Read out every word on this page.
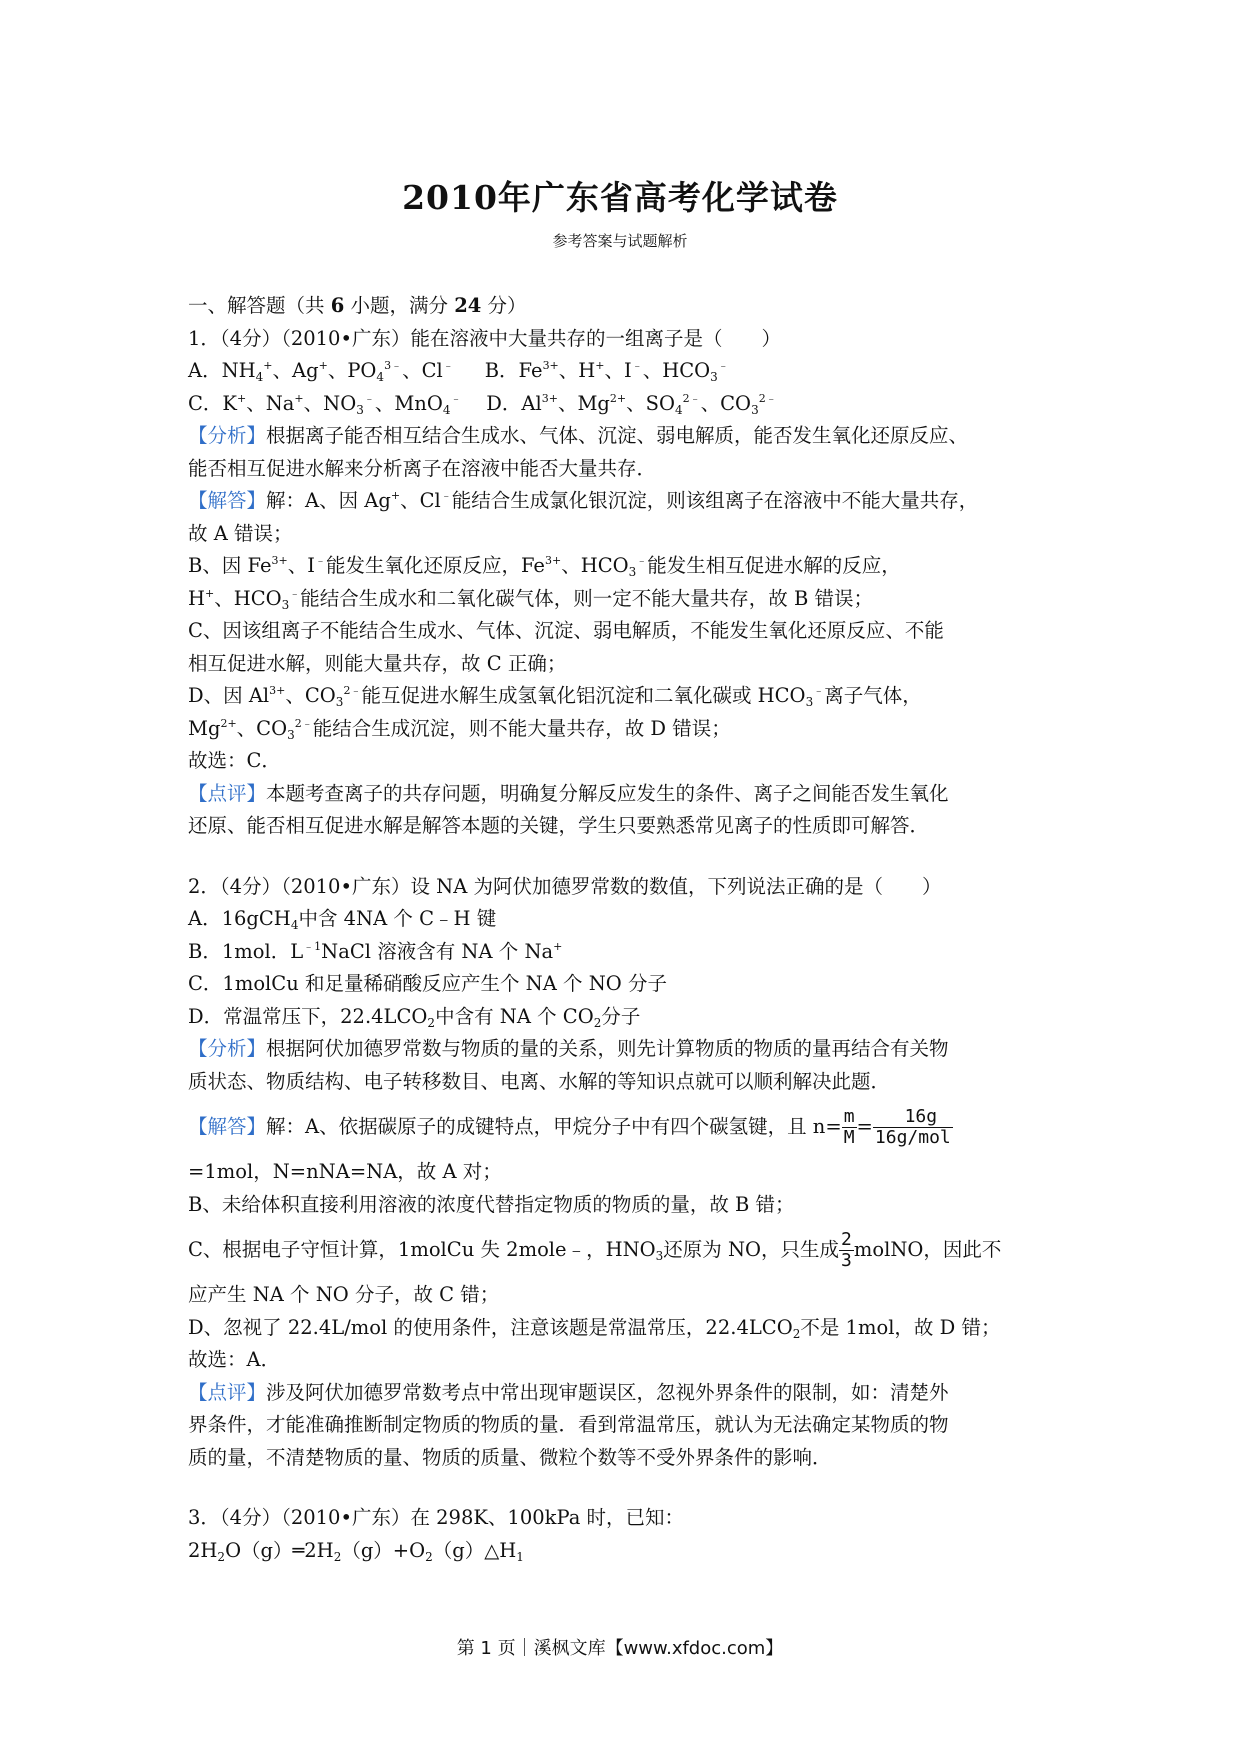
2010年广东省高考化学试卷
参考答案与试题解析
一、解答题（共 6 小题，满分 24 分）
1．（4分）（2010•广东）能在溶液中大量共存的一组离子是（　　）
A．$NH_4^+$、Ag+、$PO_4^{3﹣}$、Cl﹣     B．$Fe^{3+}$、H+、I﹣、$HCO_3^﹣$
C．K+、Na+、$NO_3^﹣$、MnO$_4$﹣    D．$Al^{3+}$、$Mg^{2+}$、$SO_4^{2﹣}$、$CO_3^{2﹣}$
【分析】根据离子能否相互结合生成水、气体、沉淀、弱电解质，能否发生氧化还原反应、
能否相互促进水解来分析离子在溶液中能否大量共存．
【解答】解：A、因 Ag+、Cl﹣能结合生成氯化银沉淀，则该组离子在溶液中不能大量共存，
故 A 错误；
B、因 $Fe^{3+}$、I﹣能发生氧化还原反应，$Fe^{3+}$、$HCO_3^﹣$能发生相互促进水解的反应，
H+、$HCO_3^﹣$能结合生成水和二氧化碳气体，则一定不能大量共存，故 B 错误；
C、因该组离子不能结合生成水、气体、沉淀、弱电解质，不能发生氧化还原反应、不能
相互促进水解，则能大量共存，故 C 正确；
D、因 $Al^{3+}$、$CO_3^{2﹣}$能互促进水解生成氢氧化铝沉淀和二氧化碳或 $HCO_3^﹣$离子气体，
$Mg^{2+}$、$CO_3^{2﹣}$能结合生成沉淀，则不能大量共存，故 D 错误；
故选：C．
【点评】本题考查离子的共存问题，明确复分解反应发生的条件、离子之间能否发生氧化
还原、能否相互促进水解是解答本题的关键，学生只要熟悉常见离子的性质即可解答．
2．（4分）（2010•广东）设 NA 为阿伏加德罗常数的数值，下列说法正确的是（　　）
A．16gCH$_4$中含 4NA 个 C﹣H 键
B．1mol．$L^{﹣1}NaCl$ 溶液含有 NA 个 Na+
C．1molCu 和足量稀硝酸反应产生个 NA 个 NO 分子
D．常温常压下，$22.4LCO_2$中含有 NA 个 $CO_2$分子
【分析】根据阿伏加德罗常数与物质的量的关系，则先计算物质的物质的量再结合有关物
质状态、物质结构、电子转移数目、电离、水解的等知识点就可以顺利解决此题．
【解答】解：A、依据碳原子的成键特点，甲烷分子中有四个碳氢键，且 $n= \frac{m}{M} = \frac{16g}{\text{16g/mol}}$
=1mol，N=nNA=NA，故 A 对；
B、未给体积直接利用溶液的浓度代替指定物质的物质的量，故 B 错；
C、根据电子守恒计算，1molCu 失 2mole﹣，$HNO_3$还原为 NO，只生成 $\frac{2}{3}$ molNO，因此不
应产生 NA 个 NO 分子，故 C 错；
D、忽视了 22.4L/mol 的使用条件，注意该题是常温常压，$22.4LCO_2$不是 1mol，故 D 错；
故选：A．
【点评】涉及阿伏加德罗常数考点中常出现审题误区，忽视外界条件的限制，如：清楚外
界条件，才能准确推断制定物质的物质的量．看到常温常压，就认为无法确定某物质的物
质的量，不清楚物质的量、物质的质量、微粒个数等不受外界条件的影响．
3．（4分）（2010•广东）在 298K、100kPa 时，已知：
$2H_2O(g)═2H_2(g)+O_2(g)\triangle H_1$
第 1 页｜溪枫文库【www.xfdoc.com】
